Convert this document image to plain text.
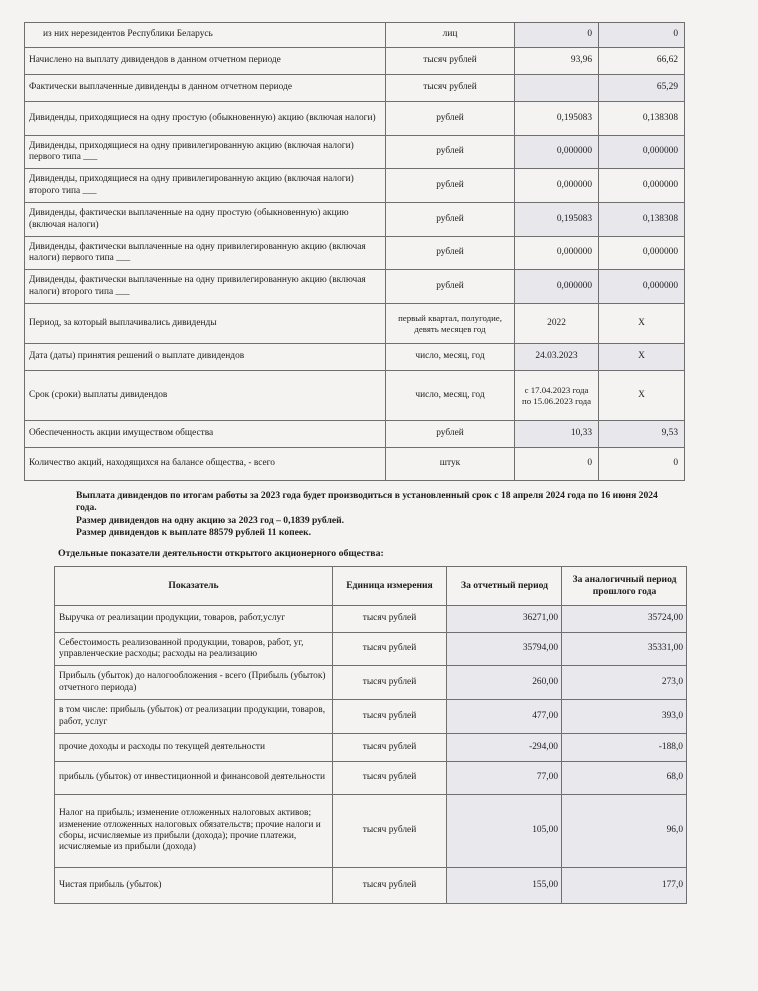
из них нерезидентов Республики Беларусь	лиц	0	0
Начислено на выплату дивидендов в данном отчетном периоде	тысяч рублей	93,96	66,62
Фактически выплаченные дивиденды в данном отчетном периоде	тысяч рублей		65,29
Дивиденды, приходящиеся на одну простую (обыкновенную) акцию (включая налоги)	рублей	0,195083	0,138308
Дивиденды, приходящиеся на одну привилегированную акцию (включая налоги) первого типа ___	рублей	0,000000	0,000000
Дивиденды, приходящиеся на одну привилегированную акцию (включая налоги) второго типа ___	рублей	0,000000	0,000000
Дивиденды, фактически выплаченные на одну простую (обыкновенную) акцию (включая налоги)	рублей	0,195083	0,138308
Дивиденды, фактически выплаченные на одну привилегированную акцию (включая налоги) первого типа ___	рублей	0,000000	0,000000
Дивиденды, фактически выплаченные на одну привилегированную акцию (включая налоги) второго типа ___	рублей	0,000000	0,000000
Период, за который выплачивались дивиденды	первый квартал, полугодие, девять месяцев год	2022	Х
Дата (даты) принятия решений о выплате дивидендов	число, месяц, год	24.03.2023	Х
Срок (сроки) выплаты дивидендов	число, месяц, год	с 17.04.2023 года по 15.06.2023 года	Х
Обеспеченность акции имуществом общества	рублей	10,33	9,53
Количество акций, находящихся на балансе общества, - всего	штук	0	0

Выплата дивидендов по итогам работы за 2023 года будет производиться в установленный срок с 18 апреля 2024 года по 16 июня 2024 года.

Размер дивидендов на одну акцию за 2023 год – 0,1839 рублей.

Размер дивидендов к выплате 88579 рублей 11 копеек.

Отдельные показатели деятельности открытого акционерного общества:
Показатель	Единица измерения	За отчетный период	За аналогичный период прошлого года
Выручка от реализации продукции, товаров, работ,услуг	тысяч рублей	36271,00	35724,00
Себестоимость реализованной продукции, товаров, работ, уг, управленческие расходы; расходы на реализацию	тысяч рублей	35794,00	35331,00
Прибыль (убыток) до налогообложения - всего (Прибыль (убыток) отчетного периода)	тысяч рублей	260,00	273,0
в том числе: прибыль (убыток) от реализации продукции, товаров, работ, услуг	тысяч рублей	477,00	393,0
прочие доходы и расходы по текущей деятельности	тысяч рублей	-294,00	-188,0
прибыль (убыток) от инвестиционной и финансовой деятельности	тысяч рублей	77,00	68,0
Налог на прибыль; изменение отложенных налоговых активов; изменение отложенных налоговых обязательств; прочие налоги и сборы, исчисляемые из прибыли (дохода); прочие платежи, исчисляемые из прибыли (дохода)	тысяч рублей	105,00	96,0
Чистая прибыль (убыток)	тысяч рублей	155,00	177,0
